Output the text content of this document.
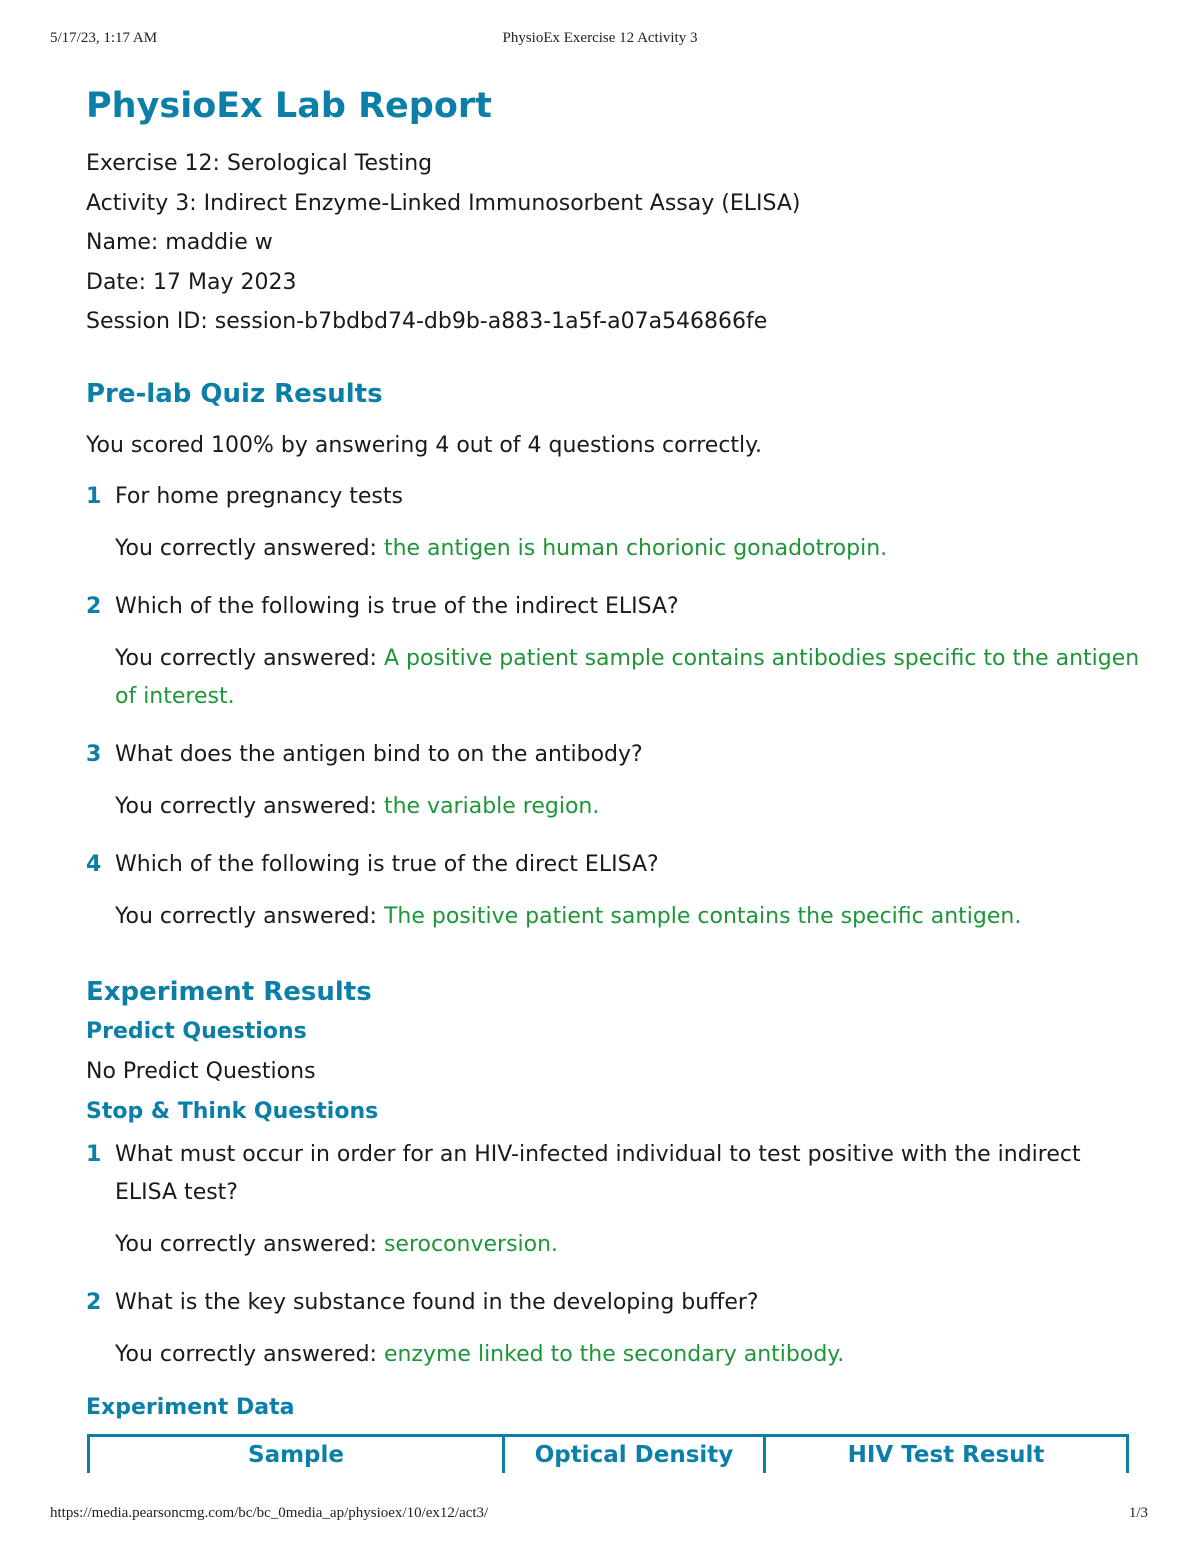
5/17/23, 1:17 AM	PhysioEx Exercise 12 Activity 3
PhysioEx Lab Report
Exercise 12: Serological Testing
Activity 3: Indirect Enzyme-Linked Immunosorbent Assay (ELISA)
Name: maddie w
Date: 17 May 2023
Session ID: session-b7bdbd74-db9b-a883-1a5f-a07a546866fe
Pre-lab Quiz Results
You scored 100% by answering 4 out of 4 questions correctly.
1 For home pregnancy tests
You correctly answered: the antigen is human chorionic gonadotropin.
2 Which of the following is true of the indirect ELISA?
You correctly answered: A positive patient sample contains antibodies specific to the antigen of interest.
3 What does the antigen bind to on the antibody?
You correctly answered: the variable region.
4 Which of the following is true of the direct ELISA?
You correctly answered: The positive patient sample contains the specific antigen.
Experiment Results
Predict Questions
No Predict Questions
Stop & Think Questions
1 What must occur in order for an HIV-infected individual to test positive with the indirect ELISA test?
You correctly answered: seroconversion.
2 What is the key substance found in the developing buffer?
You correctly answered: enzyme linked to the secondary antibody.
Experiment Data
Sample	Optical Density	HIV Test Result
https://media.pearsoncmg.com/bc/bc_0media_ap/physioex/10/ex12/act3/	1/3
